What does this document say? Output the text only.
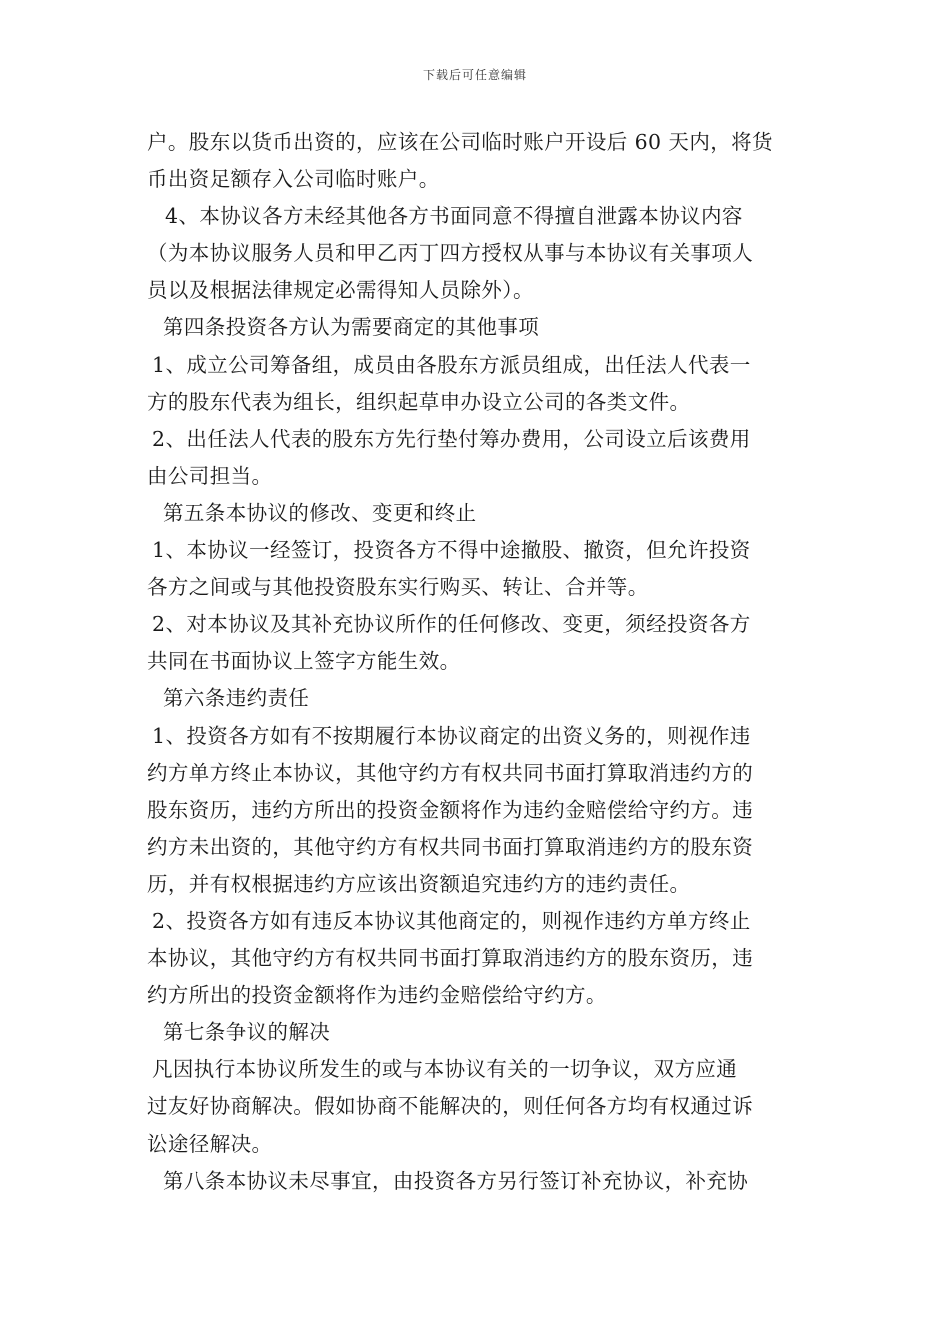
下载后可任意编辑
户。股东以货币出资的，应该在公司临时账户开设后 60 天内，将货
币出资足额存入公司临时账户。
4、本协议各方未经其他各方书面同意不得擅自泄露本协议内容
（为本协议服务人员和甲乙丙丁四方授权从事与本协议有关事项人
员以及根据法律规定必需得知人员除外）。
第四条投资各方认为需要商定的其他事项
1、成立公司筹备组，成员由各股东方派员组成，出任法人代表一
方的股东代表为组长，组织起草申办设立公司的各类文件。
2、出任法人代表的股东方先行垫付筹办费用，公司设立后该费用
由公司担当。
第五条本协议的修改、变更和终止
1、本协议一经签订，投资各方不得中途撤股、撤资，但允许投资
各方之间或与其他投资股东实行购买、转让、合并等。
2、对本协议及其补充协议所作的任何修改、变更，须经投资各方
共同在书面协议上签字方能生效。
第六条违约责任
1、投资各方如有不按期履行本协议商定的出资义务的，则视作违
约方单方终止本协议，其他守约方有权共同书面打算取消违约方的
股东资历，违约方所出的投资金额将作为违约金赔偿给守约方。违
约方未出资的，其他守约方有权共同书面打算取消违约方的股东资
历，并有权根据违约方应该出资额追究违约方的违约责任。
2、投资各方如有违反本协议其他商定的，则视作违约方单方终止
本协议，其他守约方有权共同书面打算取消违约方的股东资历，违
约方所出的投资金额将作为违约金赔偿给守约方。
第七条争议的解决
凡因执行本协议所发生的或与本协议有关的一切争议，双方应通
过友好协商解决。假如协商不能解决的，则任何各方均有权通过诉
讼途径解决。
第八条本协议未尽事宜，由投资各方另行签订补充协议，补充协
